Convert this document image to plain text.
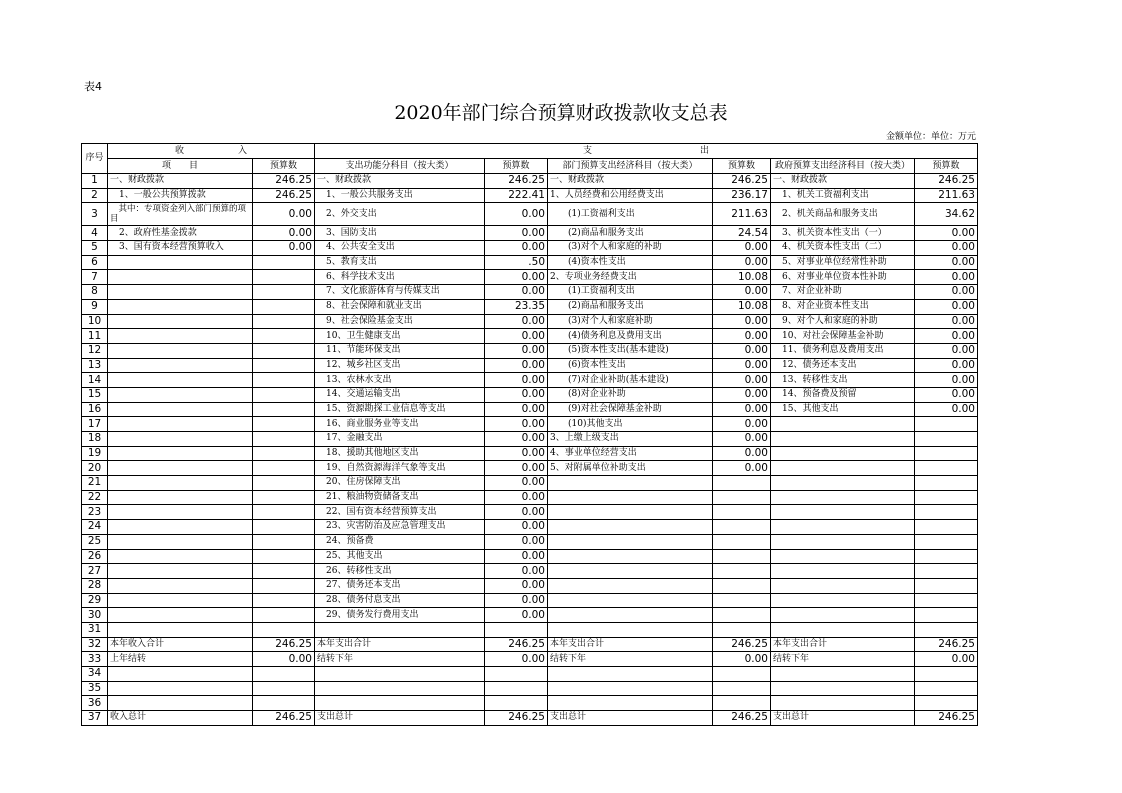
表4
2020年部门综合预算财政拨款收支总表
金额单位：单位：万元
序号	收　　　　　　入		支　　　　　　　　　　　　出					
	项　　目	预算数	支出功能分科目（按大类）	预算数	部门预算支出经济科目（按大类）	预算数	政府预算支出经济科目（按大类）	预算数
1	一、财政拨款	246.25	一、财政拨款	246.25	一、财政拨款	246.25	一、财政拨款	246.25
2	　1、一般公共预算拨款	246.25	　1、一般公共服务支出	222.41	1、人员经费和公用经费支出	236.17	　1、机关工资福利支出	211.63
3	　其中：专项资金列入部门预算的项目	0.00	　2、外交支出	0.00	　　(1)工资福利支出	211.63	　2、机关商品和服务支出	34.62
4	　2、政府性基金拨款	0.00	　3、国防支出	0.00	　　(2)商品和服务支出	24.54	　3、机关资本性支出（一）	0.00
5	　3、国有资本经营预算收入	0.00	　4、公共安全支出	0.00	　　(3)对个人和家庭的补助	0.00	　4、机关资本性支出（二）	0.00
6			　5、教育支出	.50	　　(4)资本性支出	0.00	　5、对事业单位经常性补助	0.00
7			　6、科学技术支出	0.00	2、专项业务经费支出	10.08	　6、对事业单位资本性补助	0.00
8			　7、文化旅游体育与传媒支出	0.00	　　(1)工资福利支出	0.00	　7、对企业补助	0.00
9			　8、社会保障和就业支出	23.35	　　(2)商品和服务支出	10.08	　8、对企业资本性支出	0.00
10			　9、社会保险基金支出	0.00	　　(3)对个人和家庭补助	0.00	　9、对个人和家庭的补助	0.00
11			　10、卫生健康支出	0.00	　　(4)债务利息及费用支出	0.00	　10、对社会保障基金补助	0.00
12			　11、节能环保支出	0.00	　　(5)资本性支出(基本建设)	0.00	　11、债务利息及费用支出	0.00
13			　12、城乡社区支出	0.00	　　(6)资本性支出	0.00	　12、债务还本支出	0.00
14			　13、农林水支出	0.00	　　(7)对企业补助(基本建设)	0.00	　13、转移性支出	0.00
15			　14、交通运输支出	0.00	　　(8)对企业补助	0.00	　14、预备费及预留	0.00
16			　15、资源勘探工业信息等支出	0.00	　　(9)对社会保障基金补助	0.00	　15、其他支出	0.00
17			　16、商业服务业等支出	0.00	　　(10)其他支出	0.00		
18			　17、金融支出	0.00	3、上缴上级支出	0.00		
19			　18、援助其他地区支出	0.00	4、事业单位经营支出	0.00		
20			　19、自然资源海洋气象等支出	0.00	5、对附属单位补助支出	0.00		
21			　20、住房保障支出	0.00				
22			　21、粮油物资储备支出	0.00				
23			　22、国有资本经营预算支出	0.00				
24			　23、灾害防治及应急管理支出	0.00				
25			　24、预备费	0.00				
26			　25、其他支出	0.00				
27			　26、转移性支出	0.00				
28			　27、债务还本支出	0.00				
29			　28、债务付息支出	0.00				
30			　29、债务发行费用支出	0.00				
31								
32	本年收入合计	246.25	本年支出合计	246.25	本年支出合计	246.25	本年支出合计	246.25
33	上年结转	0.00	结转下年	0.00	结转下年	0.00	结转下年	0.00
34								
35								
36								
37	收入总计	246.25	支出总计	246.25	支出总计	246.25	支出总计	246.25
